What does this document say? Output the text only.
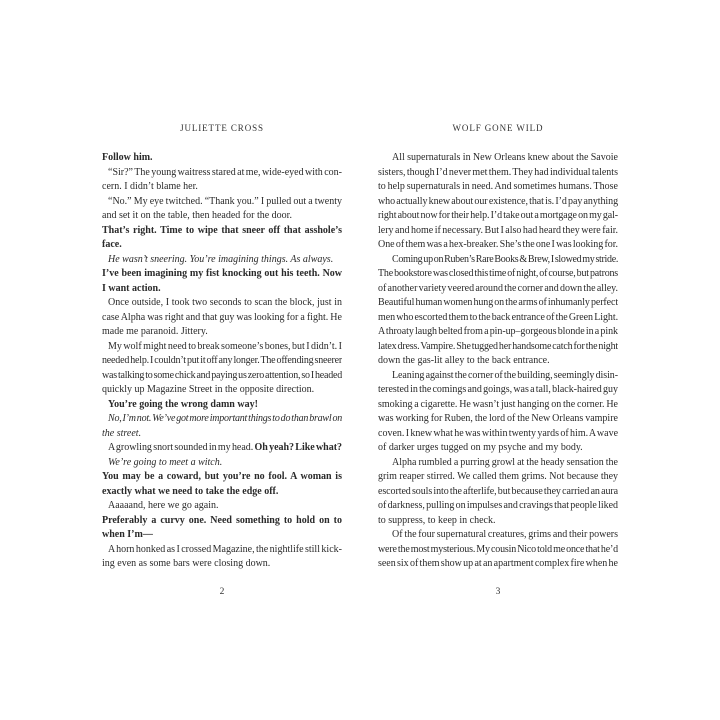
JULIETTE CROSS
Follow him.
“Sir?” The young waitress stared at me, wide-eyed with con-
cern. I didn’t blame her.
“No.” My eye twitched. “Thank you.” I pulled out a twenty
and set it on the table, then headed for the door.
That’s right. Time to wipe that sneer off that asshole’s
face.
He wasn’t sneering. You’re imagining things. As always.
I’ve been imagining my fist knocking out his teeth. Now
I want action.
Once outside, I took two seconds to scan the block, just in
case Alpha was right and that guy was looking for a fight. He
made me paranoid. Jittery.
My wolf might need to break someone’s bones, but I didn’t. I
needed help. I couldn’t put it off any longer. The offending sneerer
was talking to some chick and paying us zero attention, so I headed
quickly up Magazine Street in the opposite direction.
You’re going the wrong damn way!
No, I’m not. We’ve got more important things to do than brawl on
the street.
A growling snort sounded in my head. Oh yeah? Like what?
We’re going to meet a witch.
You may be a coward, but you’re no fool. A woman is
exactly what we need to take the edge off.
Aaaaand, here we go again.
Preferably a curvy one. Need something to hold on to
when I’m—
A horn honked as I crossed Magazine, the nightlife still kick-
ing even as some bars were closing down.
2
WOLF GONE WILD
All supernaturals in New Orleans knew about the Savoie
sisters, though I’d never met them. They had individual talents
to help supernaturals in need. And sometimes humans. Those
who actually knew about our existence, that is. I’d pay anything
right about now for their help. I’d take out a mortgage on my gal-
lery and home if necessary. But I also had heard they were fair.
One of them was a hex-breaker. She’s the one I was looking for.
Coming up on Ruben’s Rare Books & Brew, I slowed my stride.
The bookstore was closed this time of night, of course, but patrons
of another variety veered around the corner and down the alley.
Beautiful human women hung on the arms of inhumanly perfect
men who escorted them to the back entrance of the Green Light.
A throaty laugh belted from a pin-up–gorgeous blonde in a pink
latex dress. Vampire. She tugged her handsome catch for the night
down the gas-lit alley to the back entrance.
Leaning against the corner of the building, seemingly disin-
terested in the comings and goings, was a tall, black-haired guy
smoking a cigarette. He wasn’t just hanging on the corner. He
was working for Ruben, the lord of the New Orleans vampire
coven. I knew what he was within twenty yards of him. A wave
of darker urges tugged on my psyche and my body.
Alpha rumbled a purring growl at the heady sensation the
grim reaper stirred. We called them grims. Not because they
escorted souls into the afterlife, but because they carried an aura
of darkness, pulling on impulses and cravings that people liked
to suppress, to keep in check.
Of the four supernatural creatures, grims and their powers
were the most mysterious. My cousin Nico told me once that he’d
seen six of them show up at an apartment complex fire when he
3
